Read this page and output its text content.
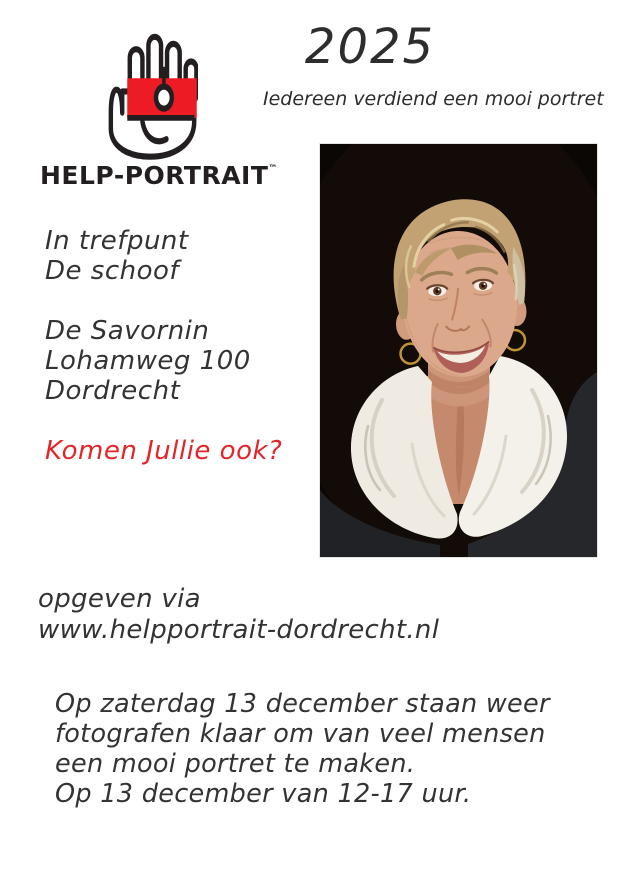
HELP-PORTRAIT™
2025
Iedereen verdiend een mooi portret
In trefpunt
De schoof
De Savornin
Lohamweg 100
Dordrecht
Komen Jullie ook?
opgeven via
www.helpportrait-dordrecht.nl
Op zaterdag 13 december staan weer
fotografen klaar om van veel mensen
een mooi portret te maken.
Op 13 december van 12-17 uur.
